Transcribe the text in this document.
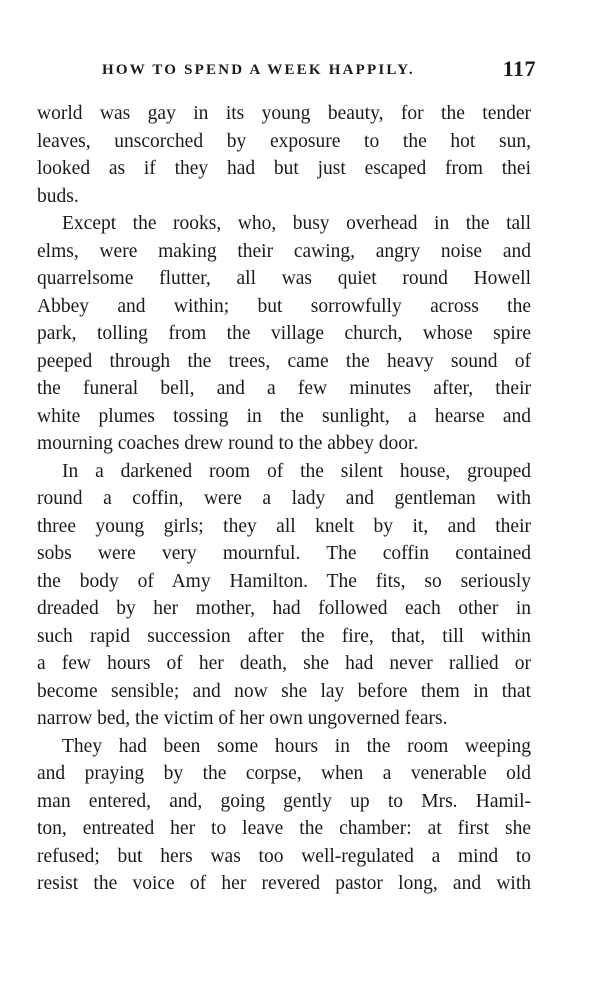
HOW TO SPEND A WEEK HAPPILY.	117
world was gay in its young beauty, for the tender
leaves, unscorched by exposure to the hot sun,
looked as if they had but just escaped from thei
buds.
Except the rooks, who, busy overhead in the tall
elms, were making their cawing, angry noise and
quarrelsome flutter, all was quiet round Howell
Abbey and within; but sorrowfully across the
park, tolling from the village church, whose spire
peeped through the trees, came the heavy sound of
the funeral bell, and a few minutes after, their
white plumes tossing in the sunlight, a hearse and
mourning coaches drew round to the abbey door.
In a darkened room of the silent house, grouped
round a coffin, were a lady and gentleman with
three young girls; they all knelt by it, and their
sobs were very mournful. The coffin contained
the body of Amy Hamilton. The fits, so seriously
dreaded by her mother, had followed each other in
such rapid succession after the fire, that, till within
a few hours of her death, she had never rallied or
become sensible; and now she lay before them in that
narrow bed, the victim of her own ungoverned fears.
They had been some hours in the room weeping
and praying by the corpse, when a venerable old
man entered, and, going gently up to Mrs. Hamil-
ton, entreated her to leave the chamber: at first she
refused; but hers was too well-regulated a mind to
resist the voice of her revered pastor long, and with
